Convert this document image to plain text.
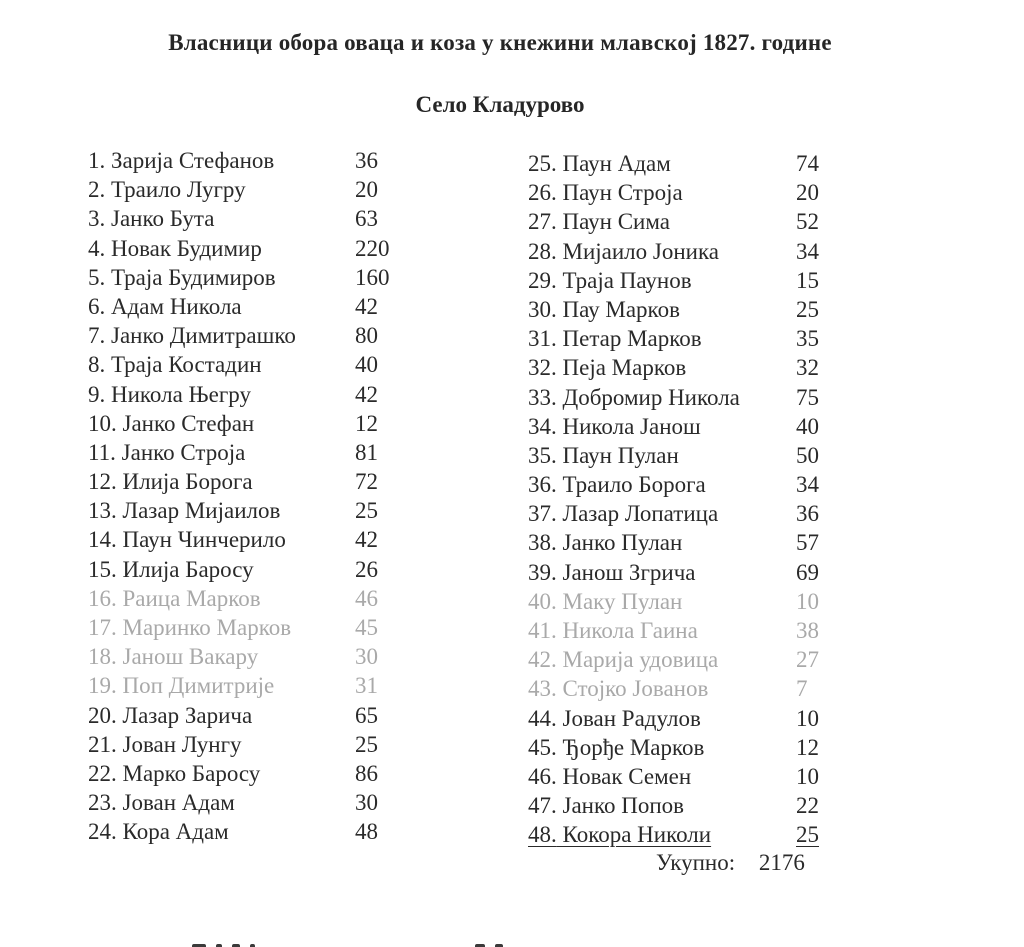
Власници обора оваца и коза у кнежини млавској 1827. године
Село Кладурово
1. Зарија Стефанов	36
2. Траило Лугру	20
3. Јанко Бута	63
4. Новак Будимир	220
5. Траја Будимиров	160
6. Адам Никола	42
7. Јанко Димитрашко	80
8. Траја Костадин	40
9. Никола Његру	42
10. Јанко Стефан	12
11. Јанко Строја	81
12. Илија Борога	72
13. Лазар Мијаилов	25
14. Паун Чинчерило	42
15. Илија Баросу	26
16. Раица Марков	46
17. Маринко Марков	45
18. Јанош Вакару	30
19. Поп Димитрије	31
20. Лазар Зарича	65
21. Јован Лунгу	25
22. Марко Баросу	86
23. Јован Адам	30
24. Кора Адам	48
25. Паун Адам	74
26. Паун Строја	20
27. Паун Сима	52
28. Мијаило Јоника	34
29. Траја Паунов	15
30. Пау Марков	25
31. Петар Марков	35
32. Пеја Марков	32
33. Добромир Никола 75
34. Никола Јанош	40
35. Паун Пулан	50
36. Траило Борога	34
37. Лазар Лопатица	36
38. Јанко Пулан	57
39. Јанош Згрича	69
40. Маку Пулан	10
41. Никола Гаина	38
42. Марија удовица	27
43. Стојко Јованов	7
44. Јован Радулов	10
45. Ђорђе Марков	12
46. Новак Семен	10
47. Јанко Попов	22
48. Кокора Николи	25
Укупно: 2176
